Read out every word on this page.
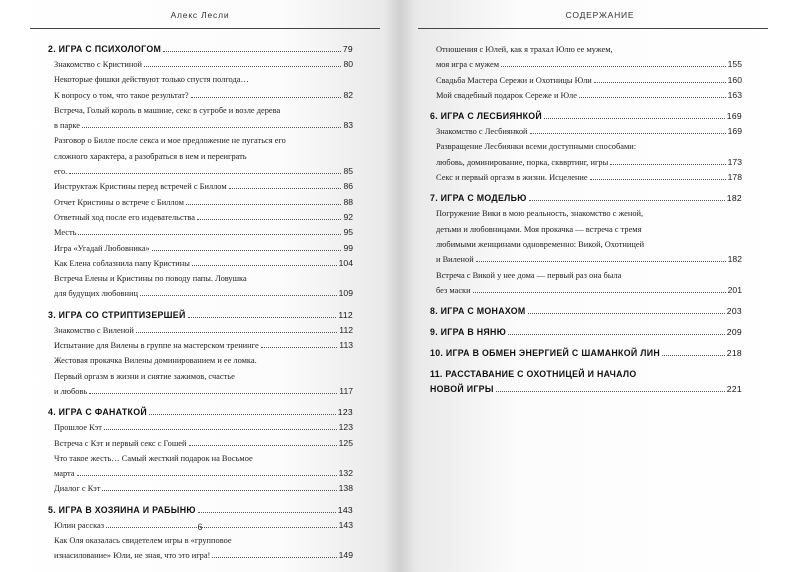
Алекс Лесли
2. ИГРА С ПСИХОЛОГОМ	79
Знакомство с Кристиной	80
Некоторые фишки действуют только спустя полгода…
К вопросу о том, что такое результат?	82
Встреча, Голый король в машине, секс в сугробе и возле дерева
в парке	83
Разговор о Билле после секса и мое предложение не пугаться его
сложного характера, а разобраться в нем и переиграть
его.	85
Инструктаж Кристины перед встречей с Биллом	86
Отчет Кристины о встрече с Биллом	88
Ответный ход после его издевательства	92
Месть	95
Игра «Угадай Любовника»	99
Как Елена соблазнила папу Кристины	104
Встреча Елены и Кристины по поводу папы. Ловушка
для будущих любовниц	109
3. ИГРА СО СТРИПТИЗЕРШЕЙ	112
Знакомство с Виленой	112
Испытание для Вилены в группе на мастерском тренинге	113
Жестовая прокачка Вилены доминированием и ее ломка.
Первый оргазм в жизни и снятие зажимов, счастье
и любовь	117
4. ИГРА С ФАНАТКОЙ	123
Прошлое Кэт	123
Встреча с Кэт и первый секс с Гошей	125
Что такое жесть… Самый жесткий подарок на Восьмое
марта	132
Диалог с Кэт	138
5. ИГРА В ХОЗЯИНА И РАБЫНЮ	143
Юлин рассказ	143
Как Оля оказалась свидетелем игры в «групповое
изнасилование» Юли, не зная, что это игра!	149
6
СОДЕРЖАНИЕ
Отношения с Юлей, как я трахал Юлю ее мужем,
моя игра с мужем	155
Свадьба Мастера Сережи и Охотницы Юли	160
Мой свадебный подарок Сереже и Юле	163
6. ИГРА С ЛЕСБИЯНКОЙ	169
Знакомство с Лесбиянкой	169
Развращение Лесбиянки всеми доступными способами:
любовь, доминирование, порка, скввртинг, игры	173
Секс и первый оргазм в жизни. Исцеление	178
7. ИГРА С МОДЕЛЬЮ	182
Погружение Вики в мою реальность, знакомство с женой,
детьми и любовницами. Моя прокачка — встреча с тремя
любимыми женщинами одновременно: Викой, Охотницей
и Виленой	182
Встреча с Викой у нее дома — первый раз она была
без маски	201
8. ИГРА С МОНАХОМ	203
9. ИГРА В НЯНЮ	209
10. ИГРА В ОБМЕН ЭНЕРГИЕЙ С ШАМАНКОЙ ЛИН	218
11. РАССТАВАНИЕ С ОХОТНИЦЕЙ И НАЧАЛО
НОВОЙ ИГРЫ	221
